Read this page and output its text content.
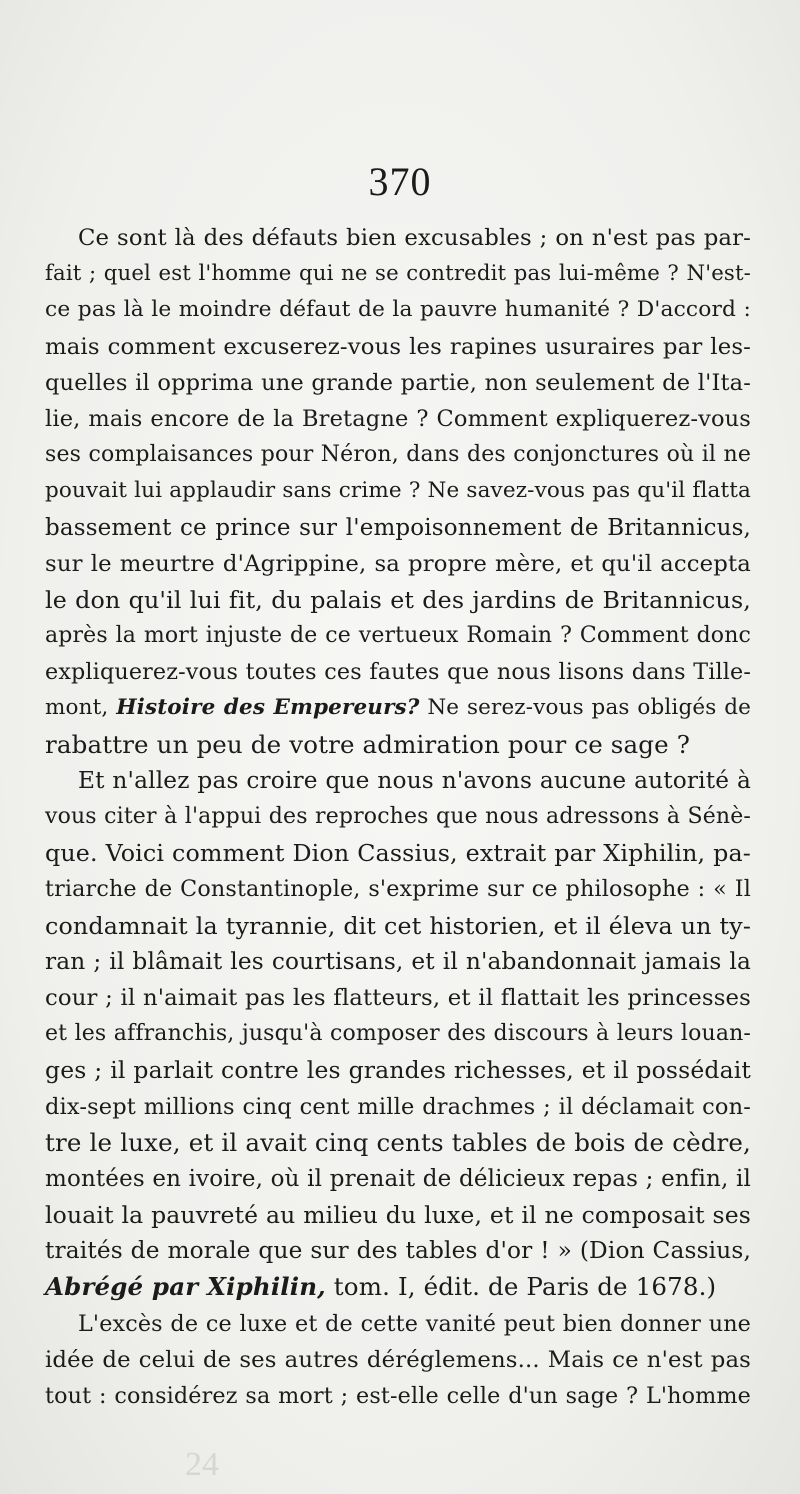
370
Ce sont là des défauts bien excusables ; on n'est pas par-
fait ; quel est l'homme qui ne se contredit pas lui-même ? N'est-
ce pas là le moindre défaut de la pauvre humanité ? D'accord :
mais comment excuserez-vous les rapines usuraires par les-
quelles il opprima une grande partie, non seulement de l'Ita-
lie, mais encore de la Bretagne ? Comment expliquerez-vous
ses complaisances pour Néron, dans des conjonctures où il ne
pouvait lui applaudir sans crime ? Ne savez-vous pas qu'il flatta
bassement ce prince sur l'empoisonnement de Britannicus,
sur le meurtre d'Agrippine, sa propre mère, et qu'il accepta
le don qu'il lui fit, du palais et des jardins de Britannicus,
après la mort injuste de ce vertueux Romain ? Comment donc
expliquerez-vous toutes ces fautes que nous lisons dans Tille-
mont, Histoire des Empereurs? Ne serez-vous pas obligés de
rabattre un peu de votre admiration pour ce sage ?
Et n'allez pas croire que nous n'avons aucune autorité à
vous citer à l'appui des reproches que nous adressons à Sénè-
que. Voici comment Dion Cassius, extrait par Xiphilin, pa-
triarche de Constantinople, s'exprime sur ce philosophe : « Il
condamnait la tyrannie, dit cet historien, et il éleva un ty-
ran ; il blâmait les courtisans, et il n'abandonnait jamais la
cour ; il n'aimait pas les flatteurs, et il flattait les princesses
et les affranchis, jusqu'à composer des discours à leurs louan-
ges ; il parlait contre les grandes richesses, et il possédait
dix-sept millions cinq cent mille drachmes ; il déclamait con-
tre le luxe, et il avait cinq cents tables de bois de cèdre,
montées en ivoire, où il prenait de délicieux repas ; enfin, il
louait la pauvreté au milieu du luxe, et il ne composait ses
traités de morale que sur des tables d'or ! » (Dion Cassius,
Abrégé par Xiphilin, tom. I, édit. de Paris de 1678.)
L'excès de ce luxe et de cette vanité peut bien donner une
idée de celui de ses autres déréglemens... Mais ce n'est pas
tout : considérez sa mort ; est-elle celle d'un sage ? L'homme
24
